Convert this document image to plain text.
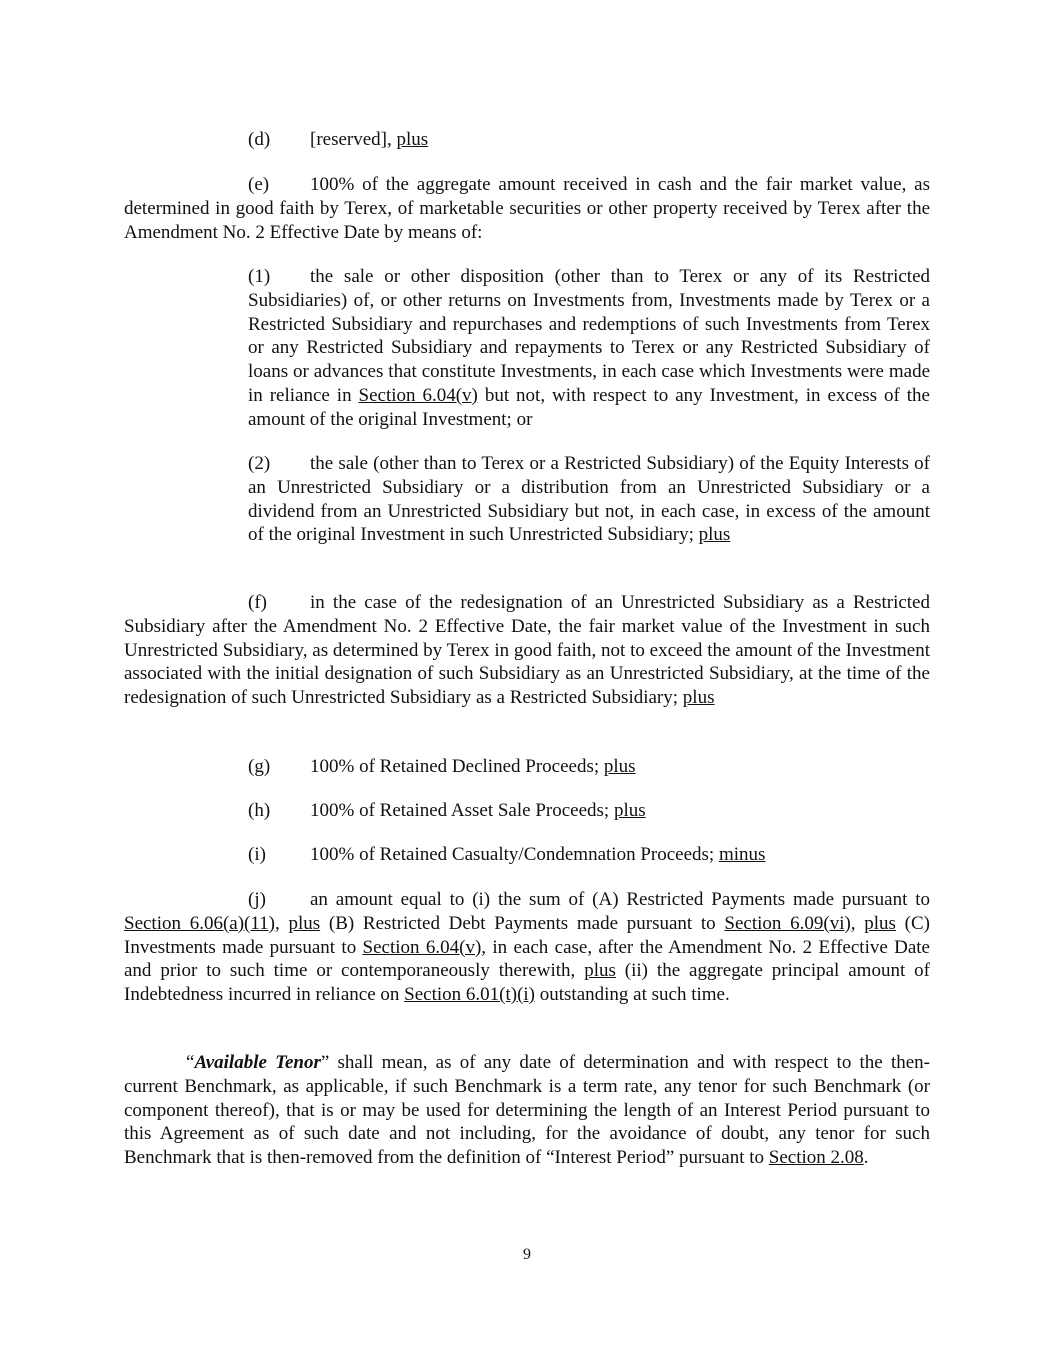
(d) [reserved], plus

(e) 100% of the aggregate amount received in cash and the fair market value, as determined in good faith by Terex, of marketable securities or other property received by Terex after the Amendment No. 2 Effective Date by means of:

(1) the sale or other disposition (other than to Terex or any of its Restricted Subsidiaries) of, or other returns on Investments from, Investments made by Terex or a Restricted Subsidiary and repurchases and redemptions of such Investments from Terex or any Restricted Subsidiary and repayments to Terex or any Restricted Subsidiary of loans or advances that constitute Investments, in each case which Investments were made in reliance in Section 6.04(v) but not, with respect to any Investment, in excess of the amount of the original Investment; or

(2) the sale (other than to Terex or a Restricted Subsidiary) of the Equity Interests of an Unrestricted Subsidiary or a distribution from an Unrestricted Subsidiary or a dividend from an Unrestricted Subsidiary but not, in each case, in excess of the amount of the original Investment in such Unrestricted Subsidiary; plus

(f) in the case of the redesignation of an Unrestricted Subsidiary as a Restricted Subsidiary after the Amendment No. 2 Effective Date, the fair market value of the Investment in such Unrestricted Subsidiary, as determined by Terex in good faith, not to exceed the amount of the Investment associated with the initial designation of such Subsidiary as an Unrestricted Subsidiary, at the time of the redesignation of such Unrestricted Subsidiary as a Restricted Subsidiary; plus

(g) 100% of Retained Declined Proceeds; plus

(h) 100% of Retained Asset Sale Proceeds; plus

(i) 100% of Retained Casualty/Condemnation Proceeds; minus

(j) an amount equal to (i) the sum of (A) Restricted Payments made pursuant to Section 6.06(a)(11), plus (B) Restricted Debt Payments made pursuant to Section 6.09(vi), plus (C) Investments made pursuant to Section 6.04(v), in each case, after the Amendment No. 2 Effective Date and prior to such time or contemporaneously therewith, plus (ii) the aggregate principal amount of Indebtedness incurred in reliance on Section 6.01(t)(i) outstanding at such time.

“Available Tenor” shall mean, as of any date of determination and with respect to the then-current Benchmark, as applicable, if such Benchmark is a term rate, any tenor for such Benchmark (or component thereof), that is or may be used for determining the length of an Interest Period pursuant to this Agreement as of such date and not including, for the avoidance of doubt, any tenor for such Benchmark that is then-removed from the definition of “Interest Period” pursuant to Section 2.08.

9
